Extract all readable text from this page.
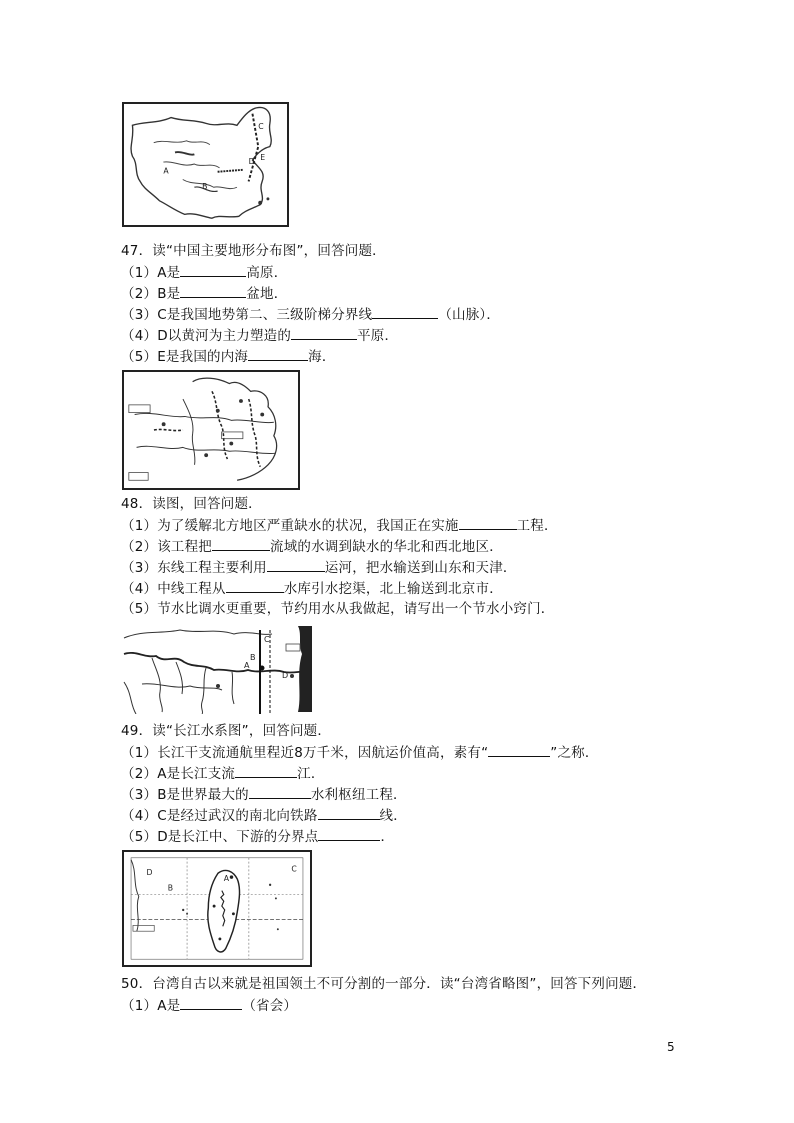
A
B
C
D E
47．读“中国主要地形分布图”，回答问题．
（1）A是	高原．
（2）B是	盆地．
（3）C是我国地势第二、三级阶梯分界线	（山脉）．
（4）D以黄河为主力塑造的	平原．
（5）E是我国的内海	海．
48．读图，回答问题．
（1）为了缓解北方地区严重缺水的状况，我国正在实施	工程．
（2）该工程把	流域的水调到缺水的华北和西北地区．
（3）东线工程主要利用	运河，把水输送到山东和天津．
（4）中线工程从	水库引水挖渠，北上输送到北京市．
（5）节水比调水更重要，节约用水从我做起，请写出一个节水小窍门．
A
B
C
D
49．读“长江水系图”，回答问题．
（1）长江干支流通航里程近8万千米，因航运价值高，素有“	”之称．
（2）A是长江支流	江．
（3）B是世界最大的	水利枢纽工程．
（4）C是经过武汉的南北向铁路	线．
（5）D是长江中、下游的分界点	．
D
B
A
C
50．台湾自古以来就是祖国领土不可分割的一部分．读“台湾省略图”，回答下列问题．
（1）A是	（省会）
5
